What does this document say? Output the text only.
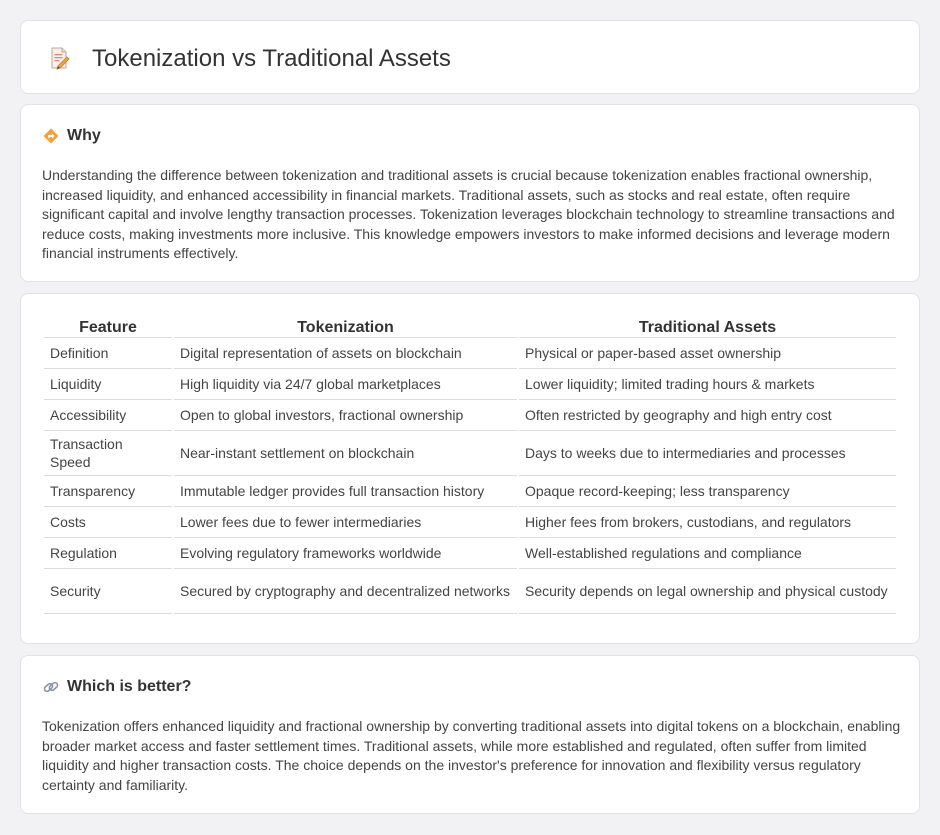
Tokenization vs Traditional Assets
Why

Understanding the difference between tokenization and traditional assets is crucial because tokenization enables fractional ownership, increased liquidity, and enhanced accessibility in financial markets. Traditional assets, such as stocks and real estate, often require significant capital and involve lengthy transaction processes. Tokenization leverages blockchain technology to streamline transactions and reduce costs, making investments more inclusive. This knowledge empowers investors to make informed decisions and leverage modern financial instruments effectively.

Feature	Tokenization	Traditional Assets
Definition	Digital representation of assets on blockchain	Physical or paper-based asset ownership
Liquidity	High liquidity via 24/7 global marketplaces	Lower liquidity; limited trading hours & markets
Accessibility	Open to global investors, fractional ownership	Often restricted by geography and high entry cost
Transaction Speed	Near-instant settlement on blockchain	Days to weeks due to intermediaries and processes
Transparency	Immutable ledger provides full transaction history	Opaque record-keeping; less transparency
Costs	Lower fees due to fewer intermediaries	Higher fees from brokers, custodians, and regulators
Regulation	Evolving regulatory frameworks worldwide	Well-established regulations and compliance
Security	Secured by cryptography and decentralized networks	Security depends on legal ownership and physical custody
Which is better?

Tokenization offers enhanced liquidity and fractional ownership by converting traditional assets into digital tokens on a blockchain, enabling broader market access and faster settlement times. Traditional assets, while more established and regulated, often suffer from limited liquidity and higher transaction costs. The choice depends on the investor's preference for innovation and flexibility versus regulatory certainty and familiarity.
